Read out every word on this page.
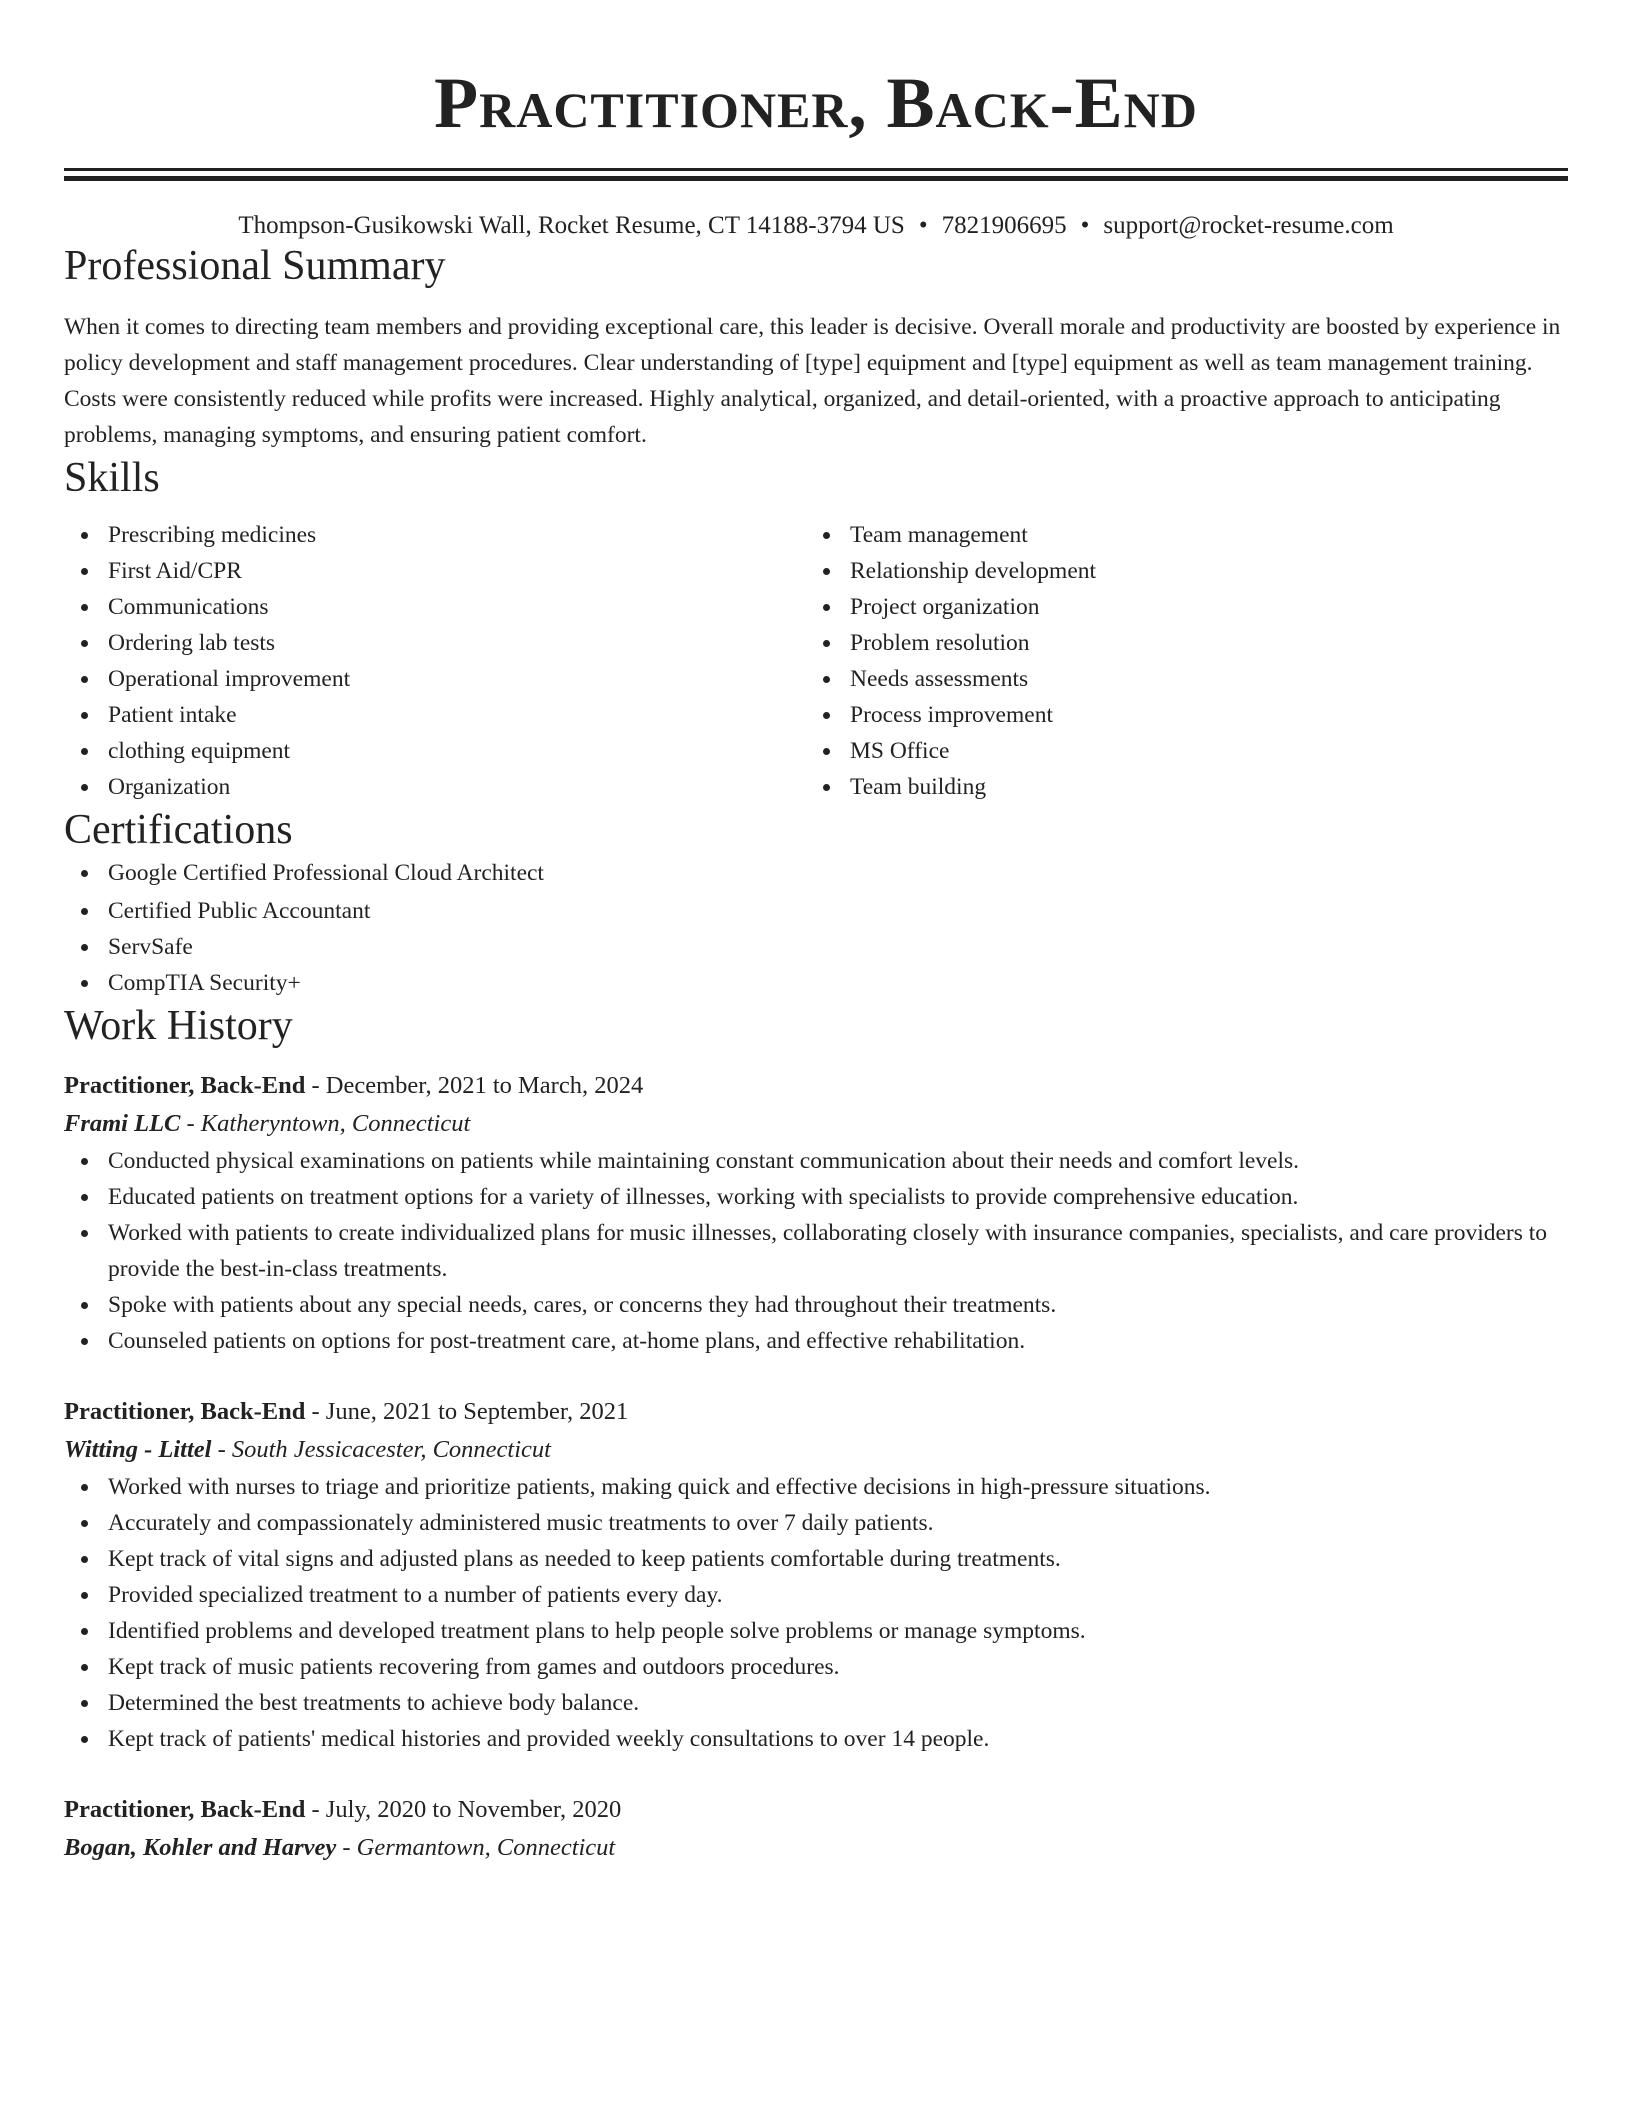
Practitioner, Back-End
Thompson-Gusikowski Wall, Rocket Resume, CT 14188-3794 US • 7821906695 • support@rocket-resume.com
Professional Summary
When it comes to directing team members and providing exceptional care, this leader is decisive. Overall morale and productivity are boosted by experience in policy development and staff management procedures. Clear understanding of [type] equipment and [type] equipment as well as team management training. Costs were consistently reduced while profits were increased. Highly analytical, organized, and detail-oriented, with a proactive approach to anticipating problems, managing symptoms, and ensuring patient comfort.
Skills
Prescribing medicines
First Aid/CPR
Communications
Ordering lab tests
Operational improvement
Patient intake
clothing equipment
Organization
Team management
Relationship development
Project organization
Problem resolution
Needs assessments
Process improvement
MS Office
Team building
Certifications
Google Certified Professional Cloud Architect
Certified Public Accountant
ServSafe
CompTIA Security+
Work History
Practitioner, Back-End - December, 2021 to March, 2024
Frami LLC - Katheryntown, Connecticut
Conducted physical examinations on patients while maintaining constant communication about their needs and comfort levels.
Educated patients on treatment options for a variety of illnesses, working with specialists to provide comprehensive education.
Worked with patients to create individualized plans for music illnesses, collaborating closely with insurance companies, specialists, and care providers to provide the best-in-class treatments.
Spoke with patients about any special needs, cares, or concerns they had throughout their treatments.
Counseled patients on options for post-treatment care, at-home plans, and effective rehabilitation.
Practitioner, Back-End - June, 2021 to September, 2021
Witting - Littel - South Jessicacester, Connecticut
Worked with nurses to triage and prioritize patients, making quick and effective decisions in high-pressure situations.
Accurately and compassionately administered music treatments to over 7 daily patients.
Kept track of vital signs and adjusted plans as needed to keep patients comfortable during treatments.
Provided specialized treatment to a number of patients every day.
Identified problems and developed treatment plans to help people solve problems or manage symptoms.
Kept track of music patients recovering from games and outdoors procedures.
Determined the best treatments to achieve body balance.
Kept track of patients' medical histories and provided weekly consultations to over 14 people.
Practitioner, Back-End - July, 2020 to November, 2020
Bogan, Kohler and Harvey - Germantown, Connecticut
